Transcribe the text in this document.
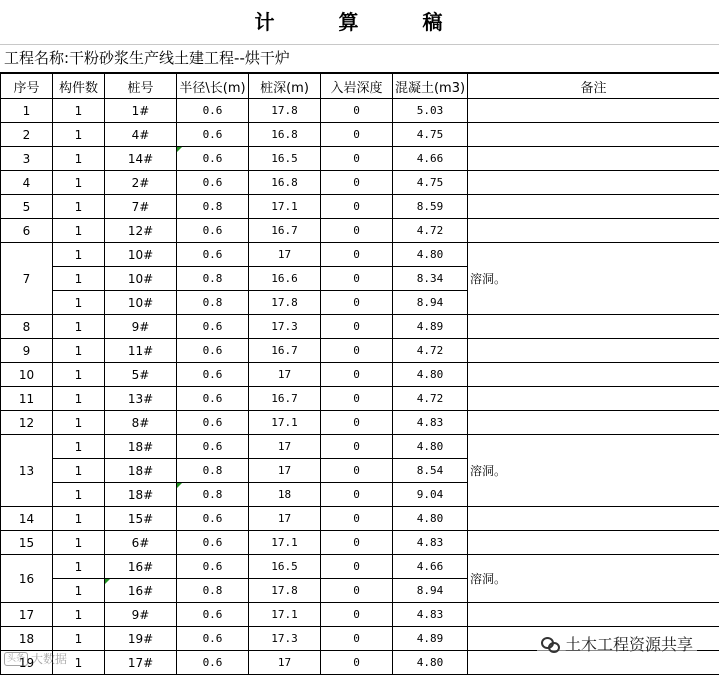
计　算　稿
工程名称:干粉砂浆生产线土建工程--烘干炉
序号	构件数	桩号	半径\长(m)	桩深(m)	入岩深度	混凝土(m3)	备注
1	1	1#	0.6	17.8	0	5.03	
2	1	4#	0.6	16.8	0	4.75	
3	1	14#	0.6	16.5	0	4.66	
4	1	2#	0.6	16.8	0	4.75	
5	1	7#	0.8	17.1	0	8.59	
6	1	12#	0.6	16.7	0	4.72	
7	1	10#	0.6	17	0	4.80	溶洞。
	1	10#	0.8	16.6	0	8.34	
	1	10#	0.8	17.8	0	8.94	
8	1	9#	0.6	17.3	0	4.89	
9	1	11#	0.6	16.7	0	4.72	
10	1	5#	0.6	17	0	4.80	
11	1	13#	0.6	16.7	0	4.72	
12	1	8#	0.6	17.1	0	4.83	
13	1	18#	0.6	17	0	4.80	溶洞。
	1	18#	0.8	17	0	8.54	
	1	18#	0.8	18	0	9.04	
14	1	15#	0.6	17	0	4.80	
15	1	6#	0.6	17.1	0	4.83	
16	1	16#	0.6	16.5	0	4.66	溶洞。
	1	16#	0.8	17.8	0	8.94	
17	1	9#	0.6	17.1	0	4.83	
18	1	19#	0.6	17.3	0	4.89	
19	1	17#	0.6	17	0	4.80	
土木工程资源共享
头条 大数据
